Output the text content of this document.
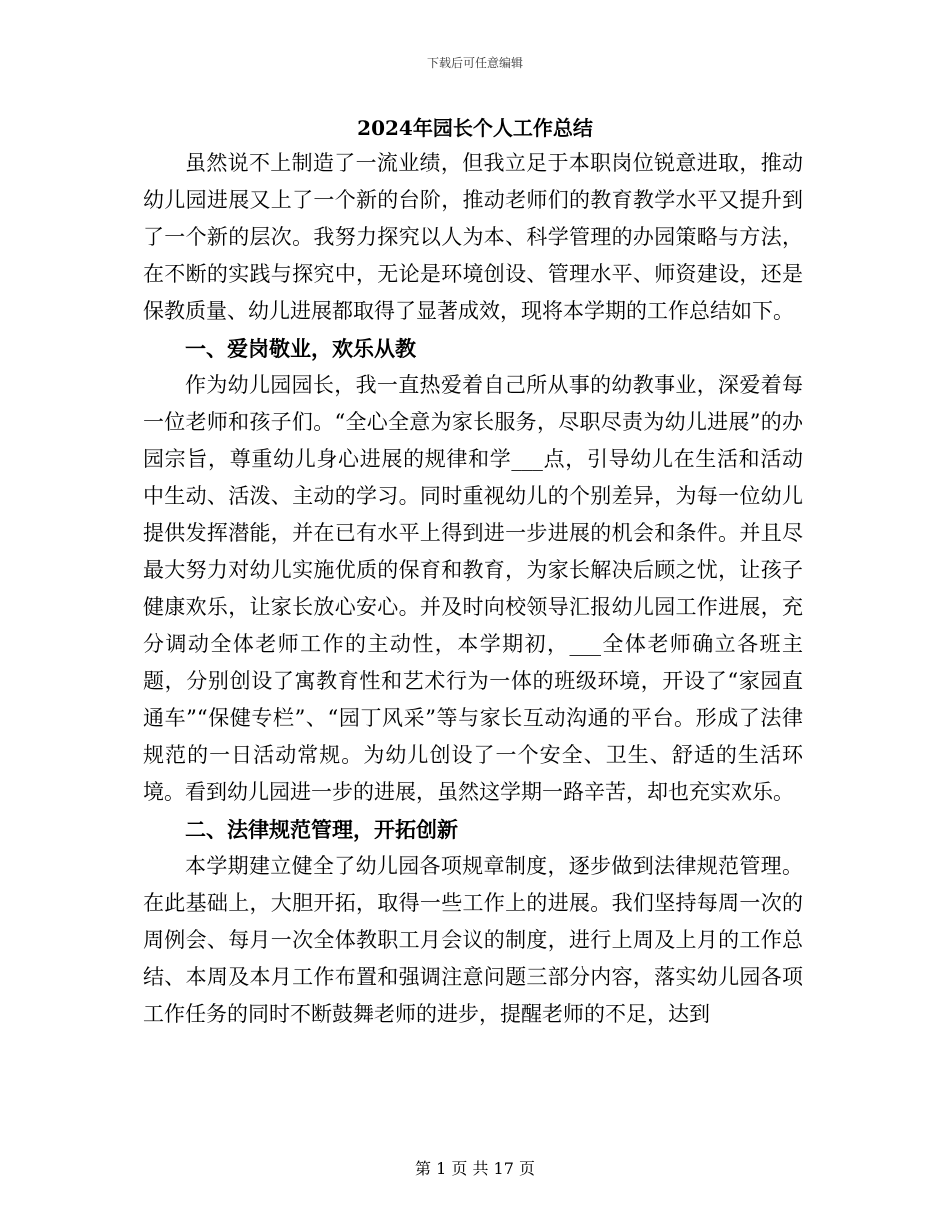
下载后可任意编辑
2024年园长个人工作总结

虽然说不上制造了一流业绩，但我立足于本职岗位锐意进取，推动幼儿园进展又上了一个新的台阶，推动老师们的教育教学水平又提升到了一个新的层次。我努力探究以人为本、科学管理的办园策略与方法，在不断的实践与探究中，无论是环境创设、管理水平、师资建设，还是保教质量、幼儿进展都取得了显著成效，现将本学期的工作总结如下。

一、爱岗敬业，欢乐从教

作为幼儿园园长，我一直热爱着自己所从事的幼教事业，深爱着每一位老师和孩子们。“全心全意为家长服务，尽职尽责为幼儿进展”的办园宗旨，尊重幼儿身心进展的规律和学___点，引导幼儿在生活和活动中生动、活泼、主动的学习。同时重视幼儿的个别差异，为每一位幼儿提供发挥潜能，并在已有水平上得到进一步进展的机会和条件。并且尽最大努力对幼儿实施优质的保育和教育，为家长解决后顾之忧，让孩子健康欢乐，让家长放心安心。并及时向校领导汇报幼儿园工作进展，充分调动全体老师工作的主动性，本学期初，___全体老师确立各班主题，分别创设了寓教育性和艺术行为一体的班级环境，开设了“家园直通车”“保健专栏”、“园丁风采”等与家长互动沟通的平台。形成了法律规范的一日活动常规。为幼儿创设了一个安全、卫生、舒适的生活环境。看到幼儿园进一步的进展，虽然这学期一路辛苦，却也充实欢乐。

二、法律规范管理，开拓创新

本学期建立健全了幼儿园各项规章制度，逐步做到法律规范管理。在此基础上，大胆开拓，取得一些工作上的进展。我们坚持每周一次的周例会、每月一次全体教职工月会议的制度，进行上周及上月的工作总结、本周及本月工作布置和强调注意问题三部分内容，落实幼儿园各项工作任务的同时不断鼓舞老师的进步，提醒老师的不足，达到

第 1 页 共 17 页
